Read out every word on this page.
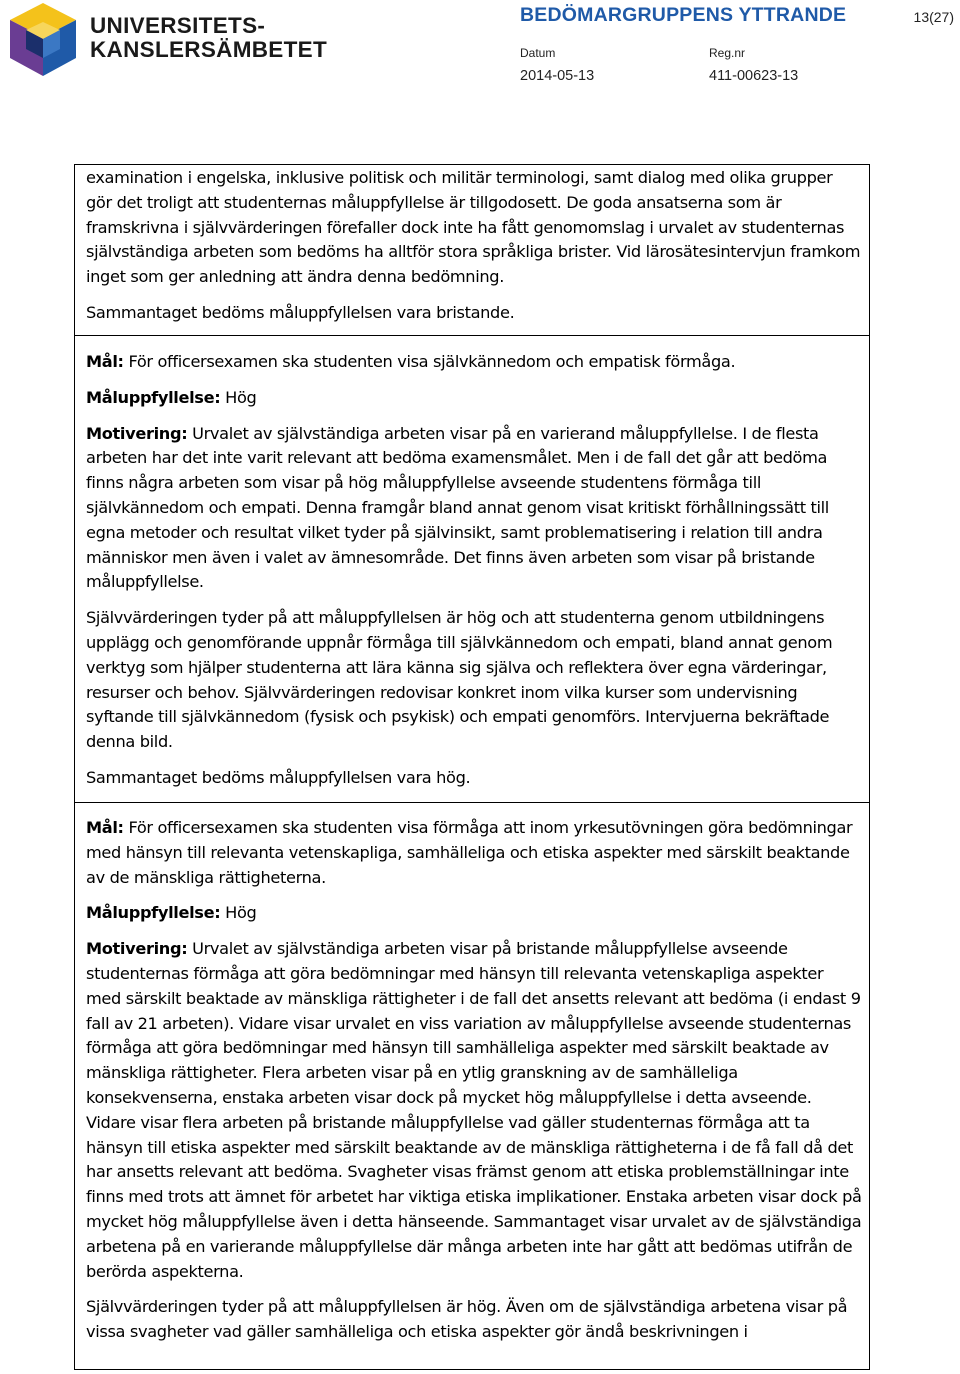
UNIVERSITETS-
KANSLERSÄMBETET
BEDÖMARGRUPPENS YTTRANDE	13(27)
Datum	Reg.nr
2014-05-13	411-00623-13

examination i engelska, inklusive politisk och militär terminologi, samt dialog med olika grupper gör det troligt att studenternas måluppfyllelse är tillgodosett. De goda ansatserna som är framskrivna i självvärderingen förefaller dock inte ha fått genomomslag i urvalet av studenternas självständiga arbeten som bedöms ha alltför stora språkliga brister. Vid lärosätesintervjun framkom inget som ger anledning att ändra denna bedömning.

Sammantaget bedöms måluppfyllelsen vara bristande.

Mål: För officersexamen ska studenten visa självkännedom och empatisk förmåga.

Måluppfyllelse: Hög

Motivering: Urvalet av självständiga arbeten visar på en varierand måluppfyllelse. I de flesta arbeten har det inte varit relevant att bedöma examensmålet. Men i de fall det går att bedöma finns några arbeten som visar på hög måluppfyllelse avseende studentens förmåga till självkännedom och empati. Denna framgår bland annat genom visat kritiskt förhållningssätt till egna metoder och resultat vilket tyder på självinsikt, samt problematisering i relation till andra människor men även i valet av ämnesområde. Det finns även arbeten som visar på bristande måluppfyllelse.

Självvärderingen tyder på att måluppfyllelsen är hög och att studenterna genom utbildningens upplägg och genomförande uppnår förmåga till självkännedom och empati, bland annat genom verktyg som hjälper studenterna att lära känna sig själva och reflektera över egna värderingar, resurser och behov. Självvärderingen redovisar konkret inom vilka kurser som undervisning syftande till självkännedom (fysisk och psykisk) och empati genomförs. Intervjuerna bekräftade denna bild.

Sammantaget bedöms måluppfyllelsen vara hög.

Mål: För officersexamen ska studenten visa förmåga att inom yrkesutövningen göra bedömningar med hänsyn till relevanta vetenskapliga, samhälleliga och etiska aspekter med särskilt beaktande av de mänskliga rättigheterna.

Måluppfyllelse: Hög

Motivering: Urvalet av självständiga arbeten visar på bristande måluppfyllelse avseende studenternas förmåga att göra bedömningar med hänsyn till relevanta vetenskapliga aspekter med särskilt beaktade av mänskliga rättigheter i de fall det ansetts relevant att bedöma (i endast 9 fall av 21 arbeten). Vidare visar urvalet en viss variation av måluppfyllelse avseende studenternas förmåga att göra bedömningar med hänsyn till samhälleliga aspekter med särskilt beaktade av mänskliga rättigheter. Flera arbeten visar på en ytlig granskning av de samhälleliga konsekvenserna, enstaka arbeten visar dock på mycket hög måluppfyllelse i detta avseende. Vidare visar flera arbeten på bristande måluppfyllelse vad gäller studenternas förmåga att ta hänsyn till etiska aspekter med särskilt beaktande av de mänskliga rättigheterna i de få fall då det har ansetts relevant att bedöma. Svagheter visas främst genom att etiska problemställningar inte finns med trots att ämnet för arbetet har viktiga etiska implikationer. Enstaka arbeten visar dock på mycket hög måluppfyllelse även i detta hänseende. Sammantaget visar urvalet av de självständiga arbetena på en varierande måluppfyllelse där många arbeten inte har gått att bedömas utifrån de berörda aspekterna.

Självvärderingen tyder på att måluppfyllelsen är hög. Även om de självständiga arbetena visar på vissa svagheter vad gäller samhälleliga och etiska aspekter gör ändå beskrivningen i
